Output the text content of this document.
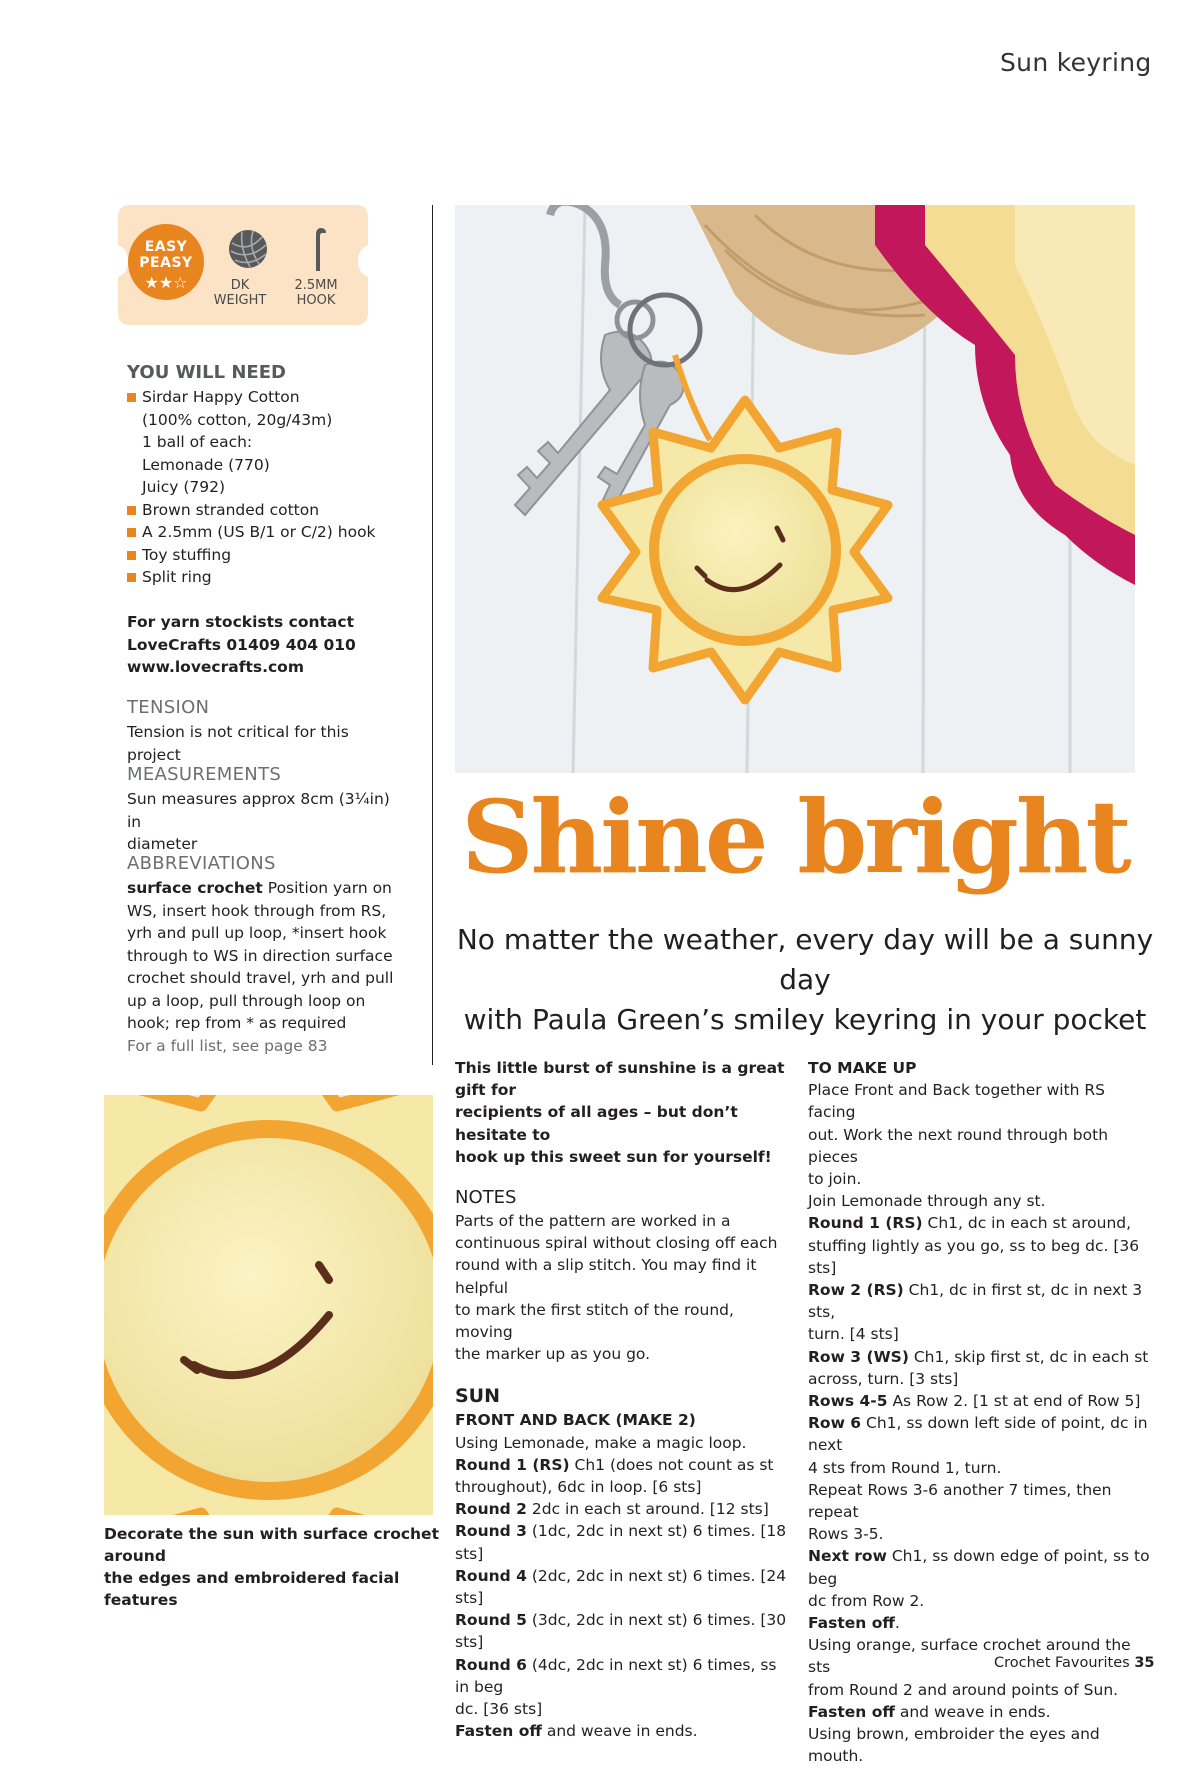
Sun keyring
EASY
PEASY
★★☆	DK
WEIGHT
2.5MM
HOOK
YOU WILL NEED
Sirdar Happy Cotton
(100% cotton, 20g/43m)
1 ball of each:
Lemonade (770)
Juicy (792)
Brown stranded cotton
A 2.5mm (US B/1 or C/2) hook
Toy stuffing
Split ring
For yarn stockists contact
LoveCrafts 01409 404 010
www.lovecrafts.com
TENSION
Tension is not critical for this project
MEASUREMENTS
Sun measures approx 8cm (3¼in) in
diameter
ABBREVIATIONS
surface crochet Position yarn on
WS, insert hook through from RS,
yrh and pull up loop, *insert hook
through to WS in direction surface
crochet should travel, yrh and pull
up a loop, pull through loop on
hook; rep from * as required
For a full list, see page 83
Shine bright
No matter the weather, every day will be a sunny day
with Paula Green’s smiley keyring in your pocket
Decorate the sun with surface crochet around
the edges and embroidered facial features

This little burst of sunshine is a great gift for

recipients of all ages – but don’t hesitate to

hook up this sweet sun for yourself!

NOTES

Parts of the pattern are worked in a

continuous spiral without closing off each

round with a slip stitch. You may find it helpful

to mark the first stitch of the round, moving

the marker up as you go.

SUN

FRONT AND BACK (MAKE 2)

Using Lemonade, make a magic loop.

Round 1 (RS) Ch1 (does not count as st

throughout), 6dc in loop. [6 sts]

Round 2 2dc in each st around. [12 sts]

Round 3 (1dc, 2dc in next st) 6 times. [18 sts]

Round 4 (2dc, 2dc in next st) 6 times. [24 sts]

Round 5 (3dc, 2dc in next st) 6 times. [30 sts]

Round 6 (4dc, 2dc in next st) 6 times, ss in beg

dc. [36 sts]

Fasten off and weave in ends.

TO MAKE UP

Place Front and Back together with RS facing

out. Work the next round through both pieces

to join.

Join Lemonade through any st.

Round 1 (RS) Ch1, dc in each st around,

stuffing lightly as you go, ss to beg dc. [36 sts]

Row 2 (RS) Ch1, dc in first st, dc in next 3 sts,

turn. [4 sts]

Row 3 (WS) Ch1, skip first st, dc in each st

across, turn. [3 sts]

Rows 4-5 As Row 2. [1 st at end of Row 5]

Row 6 Ch1, ss down left side of point, dc in next

4 sts from Round 1, turn.

Repeat Rows 3-6 another 7 times, then repeat

Rows 3-5.

Next row Ch1, ss down edge of point, ss to beg

dc from Row 2.

Fasten off.

Using orange, surface crochet around the sts

from Round 2 and around points of Sun.

Fasten off and weave in ends.

Using brown, embroider the eyes and mouth.

Crochet Favourites 35
